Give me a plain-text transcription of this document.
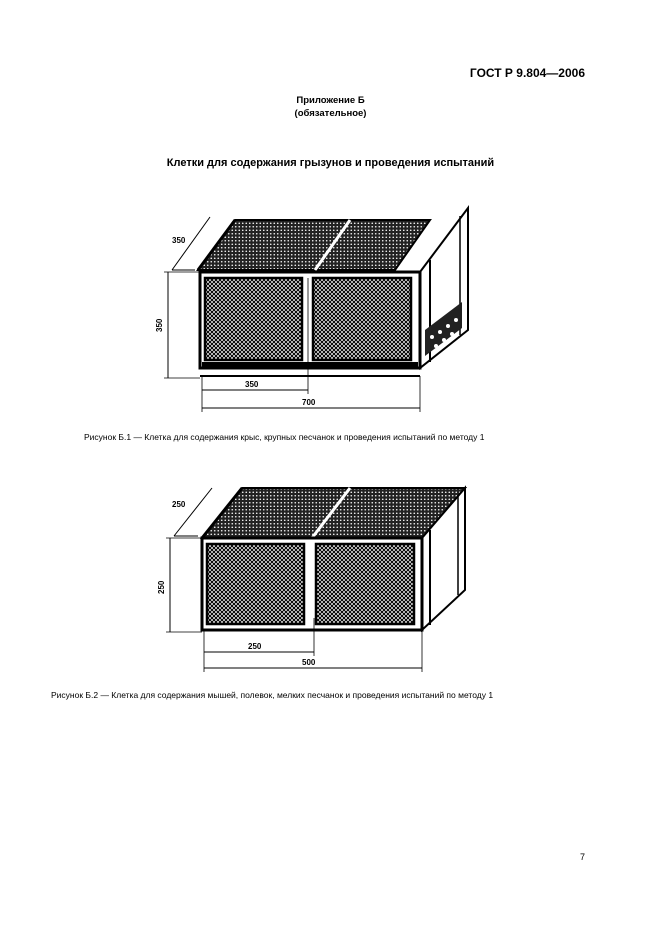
ГОСТ Р 9.804—2006
Приложение Б
(обязательное)
Клетки для содержания грызунов и проведения испытаний
350
350
350
700
Рисунок Б.1 — Клетка для содержания крыс, крупных песчанок и проведения испытаний по методу 1
250
250
250
500
Рисунок Б.2 — Клетка для содержания мышей, полевок, мелких песчанок и проведения испытаний по методу 1
7
